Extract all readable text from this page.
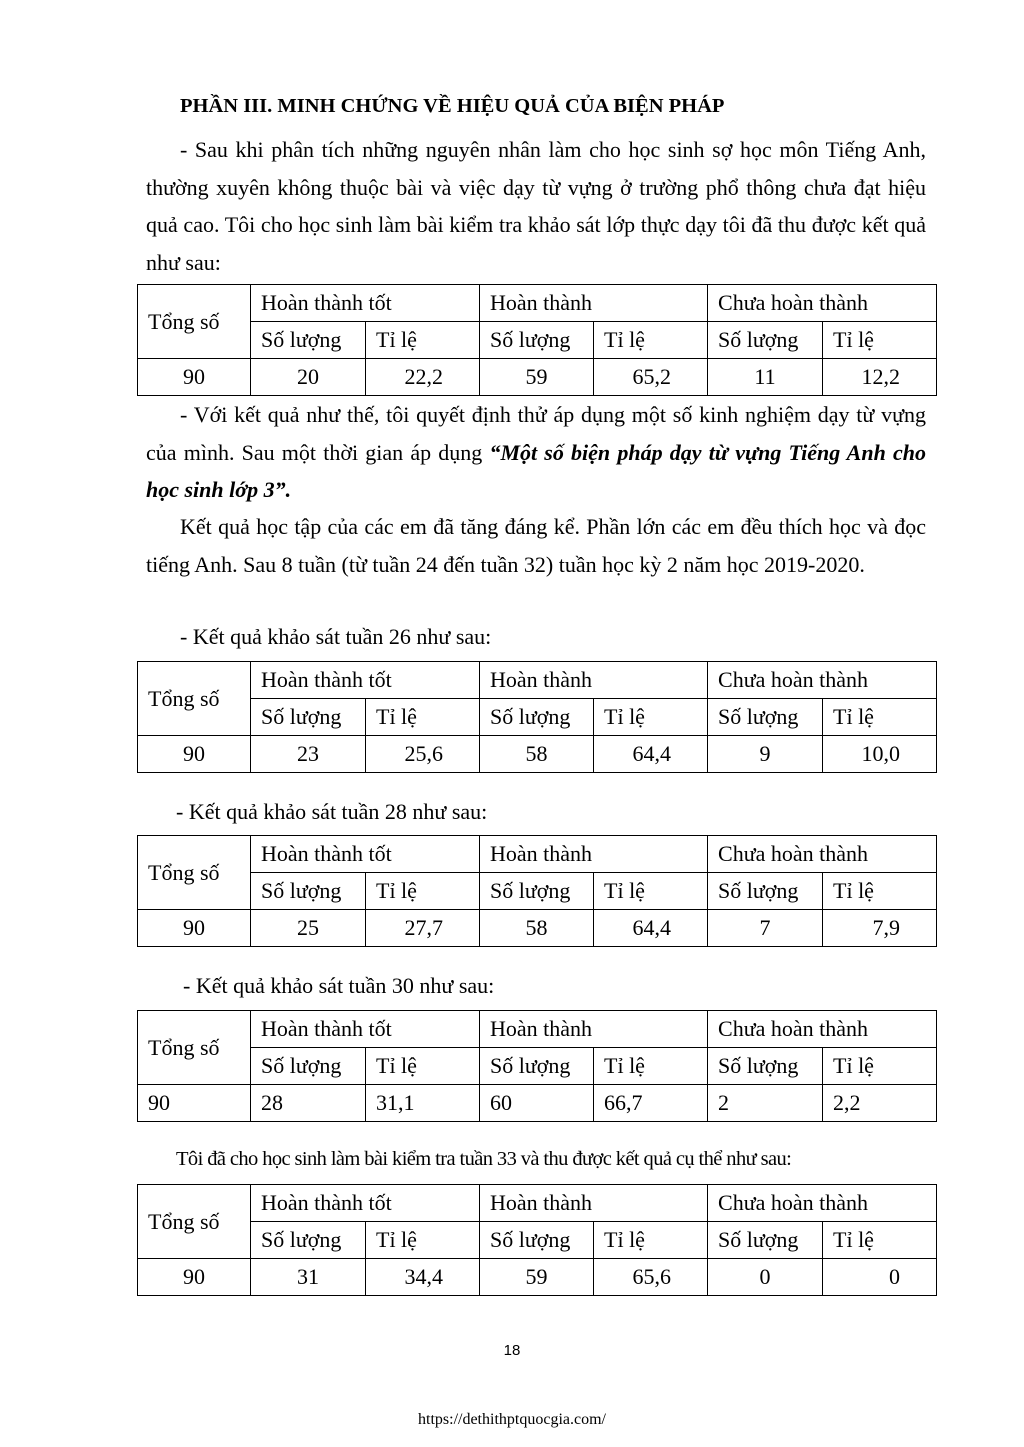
PHẦN III. MINH CHỨNG VỀ HIỆU QUẢ CỦA BIỆN PHÁP
- Sau khi phân tích những nguyên nhân làm cho học sinh sợ học môn Tiếng Anh, thường xuyên không thuộc bài và việc dạy từ vựng ở trường phổ thông chưa đạt hiệu quả cao. Tôi cho học sinh làm bài kiểm tra khảo sát lớp thực dạy tôi đã thu được kết quả như sau:
Tổng số	Hoàn thành tốt		Hoàn thành		Chưa hoàn thành	
	Số lượng	Tỉ lệ	Số lượng	Tỉ lệ	Số lượng	Tỉ lệ
90	20	22,2	59	65,2	11	12,2
- Với kết quả như thế, tôi quyết định thử áp dụng một số kinh nghiệm dạy từ vựng của mình. Sau một thời gian áp dụng “Một số biện pháp dạy từ vựng Tiếng Anh cho học sinh lớp 3”.
Kết quả học tập của các em đã tăng đáng kể. Phần lớn các em đều thích học và đọc tiếng Anh. Sau 8 tuần (từ tuần 24 đến tuần 32) tuần học kỳ 2 năm học 2019-2020.
- Kết quả khảo sát tuần 26 như sau:
Tổng số	Hoàn thành tốt		Hoàn thành		Chưa hoàn thành	
	Số lượng	Tỉ lệ	Số lượng	Tỉ lệ	Số lượng	Tỉ lệ
90	23	25,6	58	64,4	9	10,0
- Kết quả khảo sát tuần 28 như sau:
Tổng số	Hoàn thành tốt		Hoàn thành		Chưa hoàn thành	
	Số lượng	Tỉ lệ	Số lượng	Tỉ lệ	Số lượng	Tỉ lệ
90	25	27,7	58	64,4	7	7,9
- Kết quả khảo sát tuần 30 như sau:
Tổng số	Hoàn thành tốt		Hoàn thành		Chưa hoàn thành	
	Số lượng	Tỉ lệ	Số lượng	Tỉ lệ	Số lượng	Tỉ lệ
90	28	31,1	60	66,7	2	2,2
Tôi đã cho học sinh làm bài kiểm tra tuần 33 và thu được kết quả cụ thể như sau:
Tổng số	Hoàn thành tốt		Hoàn thành		Chưa hoàn thành	
	Số lượng	Tỉ lệ	Số lượng	Tỉ lệ	Số lượng	Tỉ lệ
90	31	34,4	59	65,6	0	0
18
https://dethithptquocgia.com/
